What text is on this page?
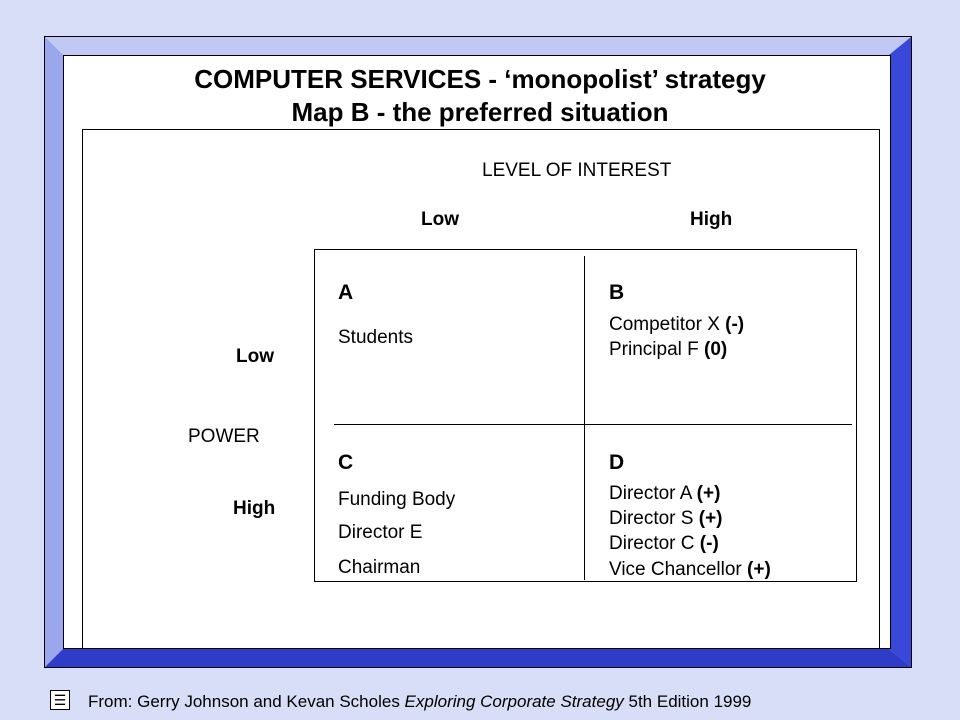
COMPUTER SERVICES - ‘monopolist’ strategy
Map B - the preferred situation
LEVEL OF INTEREST
Low	High
Low
POWER
High
A
Students
B
Competitor X (-)
Principal F (0)
C
Funding Body
Director E
Chairman
D
Director A (+)
Director S (+)
Director C (-)
Vice Chancellor (+)
☰ From: Gerry Johnson and Kevan Scholes Exploring Corporate Strategy 5th Edition 1999
